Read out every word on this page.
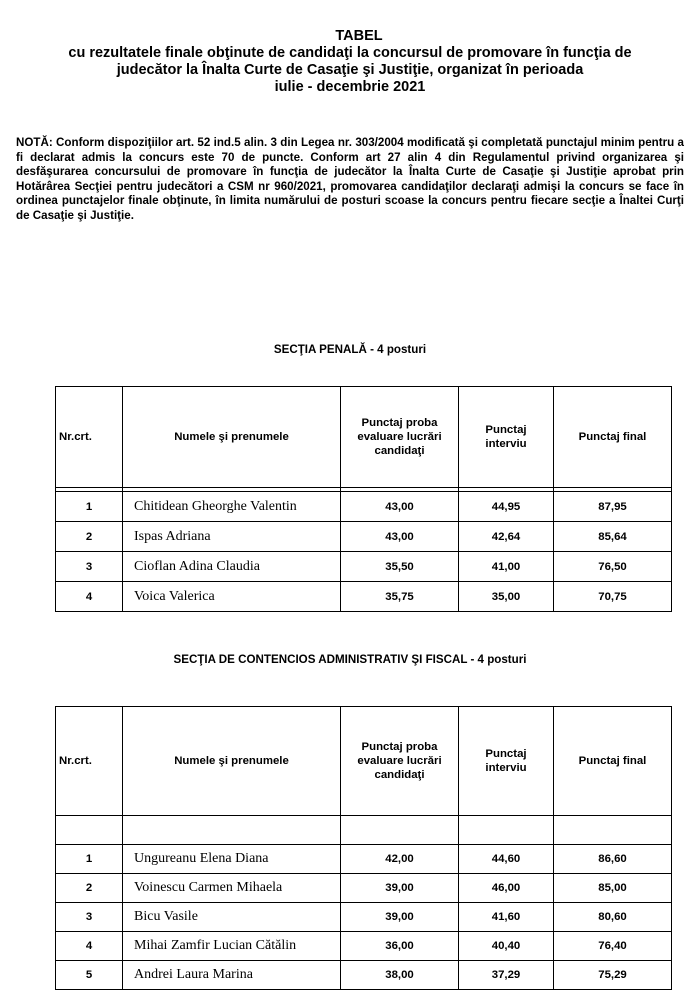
TABEL
cu rezultatele finale obţinute de candidaţi la concursul de promovare în funcţia de
judecător la Înalta Curte de Casaţie şi Justiţie, organizat în perioada
iulie - decembrie 2021
NOTĂ: Conform dispoziţiilor art. 52 ind.5 alin. 3 din Legea nr. 303/2004 modificată şi completată punctajul minim pentru a fi declarat admis la concurs este 70 de puncte. Conform art 27 alin 4 din Regulamentul privind organizarea şi desfăşurarea concursului de promovare în funcţia de judecător la Înalta Curte de Casaţie şi Justiţie aprobat prin Hotărârea Secţiei pentru judecători a CSM nr 960/2021, promovarea candidaţilor declaraţi admişi la concurs se face în ordinea punctajelor finale obţinute, în limita numărului de posturi scoase la concurs pentru fiecare secţie a Înaltei Curţi de Casaţie şi Justiţie.
SECŢIA PENALĂ - 4 posturi
Nr.crt.	Numele şi prenumele	Punctaj proba
evaluare lucrări
candidaţi	Punctaj
interviu	Punctaj final

1	Chitidean Gheorghe Valentin	43,00	44,95	87,95
2	Ispas Adriana	43,00	42,64	85,64
3	Cioflan Adina Claudia	35,50	41,00	76,50
4	Voica Valerica	35,75	35,00	70,75
SECŢIA DE CONTENCIOS ADMINISTRATIV ŞI FISCAL - 4 posturi
Nr.crt.	Numele şi prenumele	Punctaj proba
evaluare lucrări
candidaţi	Punctaj
interviu	Punctaj final

1	Ungureanu Elena Diana	42,00	44,60	86,60
2	Voinescu Carmen Mihaela	39,00	46,00	85,00
3	Bicu Vasile	39,00	41,60	80,60
4	Mihai Zamfir Lucian Cătălin	36,00	40,40	76,40
5	Andrei Laura Marina	38,00	37,29	75,29
